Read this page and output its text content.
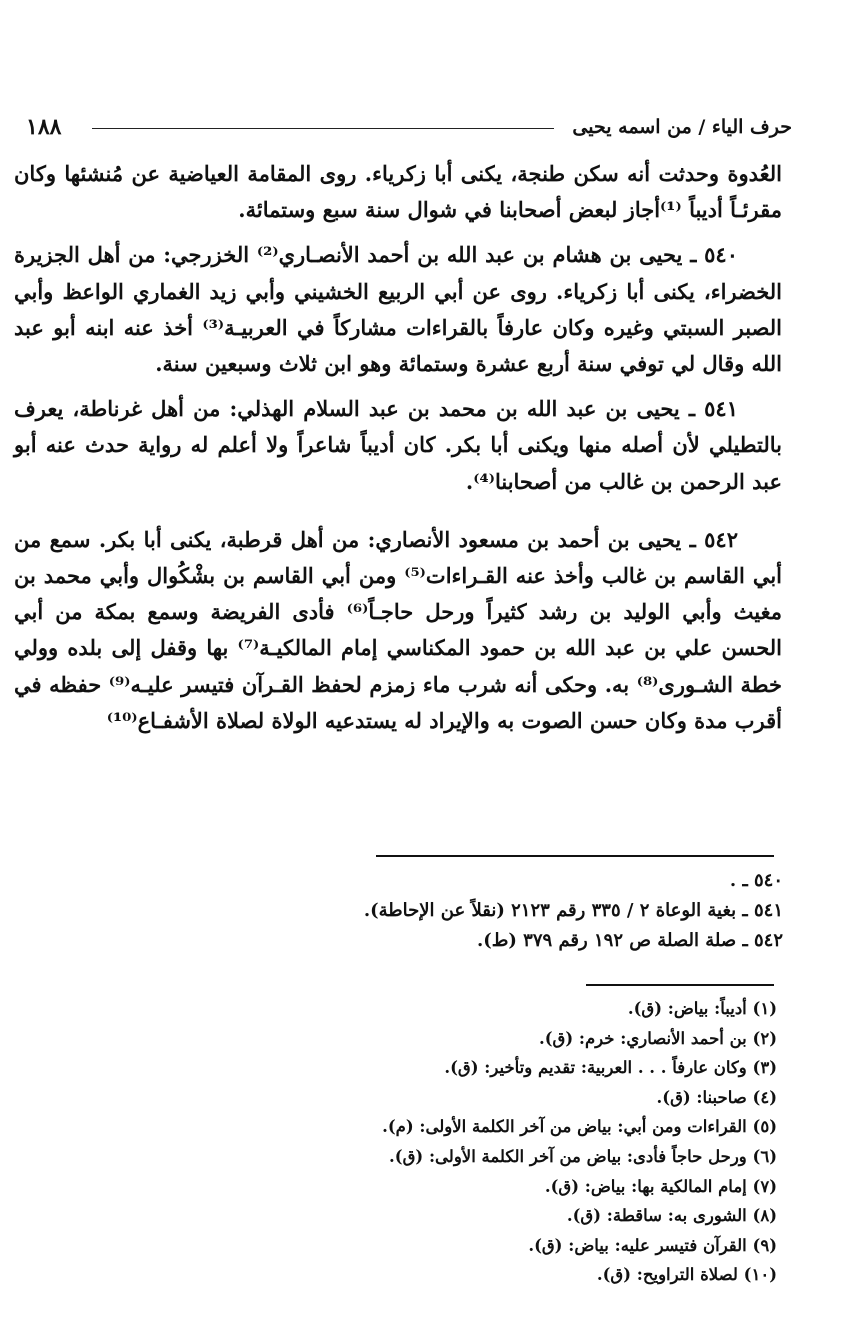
١٨٨	حرف الياء / من اسمه يحيى

العُدوة وحدثت أنه سكن طنجة، يكنى أبا زكرياء. روى المقامة العياضية عن مُنشئها وكان مقرئـاً أديباً ⁽¹⁾أجاز لبعض أصحابنا في شوال سنة سبع وستمائة.

٥٤٠ ـ يحيى بن هشام بن عبد الله بن أحمد الأنصـاري⁽²⁾ الخزرجي: من أهل الجزيرة الخضراء، يكنى أبا زكرياء. روى عن أبي الربيع الخشيني وأبي زيد الغماري الواعظ وأبي الصبر السبتي وغيره وكان عارفاً بالقراءات مشاركاً في العربيـة⁽³⁾ أخذ عنه ابنه أبو عبد الله وقال لي توفي سنة أربع عشرة وستمائة وهو ابن ثلاث وسبعين سنة.

٥٤١ ـ يحيى بن عبد الله بن محمد بن عبد السلام الهذلي: من أهل غرناطة، يعرف بالتطيلي لأن أصله منها ويكنى أبا بكر. كان أديباً شاعراً ولا أعلم له رواية حدث عنه أبو عبد الرحمن بن غالب من أصحابنا⁽⁴⁾.

٥٤٢ ـ يحيى بن أحمد بن مسعود الأنصاري: من أهل قرطبة، يكنى أبا بكر. سمع من أبي القاسم بن غالب وأخذ عنه القـراءات⁽⁵⁾ ومن أبي القاسم بن بشْكُوال وأبي محمد بن مغيث وأبي الوليد بن رشد كثيراً ورحل حاجـاً⁽⁶⁾ فأدى الفريضة وسمع بمكة من أبي الحسن علي بن عبد الله بن حمود المكناسي إمام المالكيـة⁽⁷⁾ بها وقفل إلى بلده وولي خطة الشـورى⁽⁸⁾ به. وحكى أنه شرب ماء زمزم لحفظ القـرآن فتيسر عليـه⁽⁹⁾ حفظه في أقرب مدة وكان حسن الصوت به والإيراد له يستدعيه الولاة لصلاة الأشفـاع⁽¹⁰⁾

٥٤٠ ـ .
٥٤١ ـ بغية الوعاة ٢ / ٣٣٥ رقم ٢١٢٣ (نقلاً عن الإحاطة).
٥٤٢ ـ صلة الصلة ص ١٩٢ رقم ٣٧٩ (ط).
(١) أديباً: بياض: (ق).
(٢) بن أحمد الأنصاري: خرم: (ق).
(٣) وكان عارفاً . . . العربية: تقديم وتأخير: (ق).
(٤) صاحبنا: (ق).
(٥) القراءات ومن أبي: بياض من آخر الكلمة الأولى: (م).
(٦) ورحل حاجاً فأدى: بياض من آخر الكلمة الأولى: (ق).
(٧) إمام المالكية بها: بياض: (ق).
(٨) الشورى به: ساقطة: (ق).
(٩) القرآن فتيسر عليه: بياض: (ق).
(١٠) لصلاة التراويح: (ق).
